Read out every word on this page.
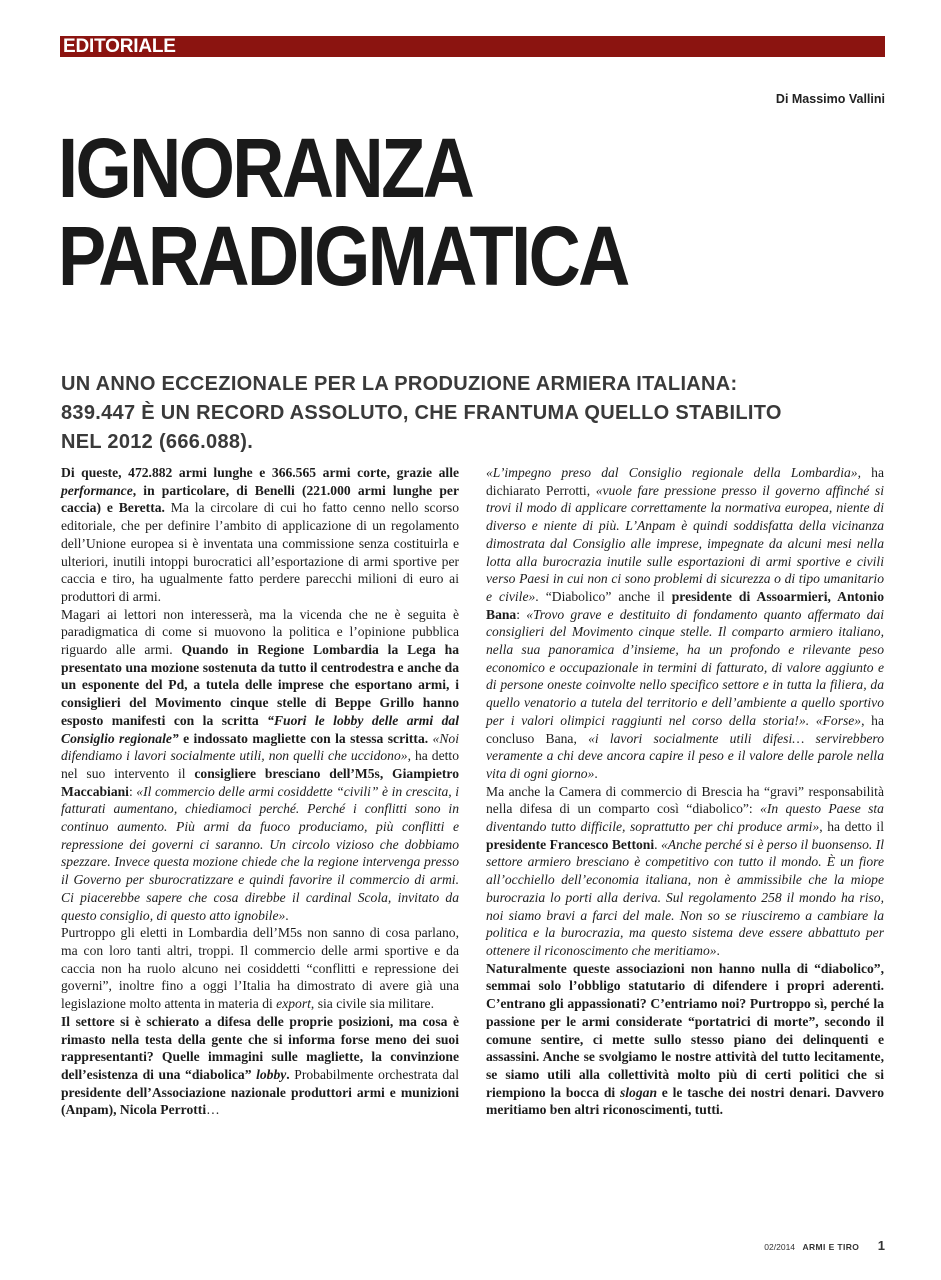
EDITORIALE
Di Massimo Vallini
IGNORANZA
PARADIGMATICA
UN ANNO ECCEZIONALE PER LA PRODUZIONE ARMIERA ITALIANA:
839.447 È UN RECORD ASSOLUTO, CHE FRANTUMA QUELLO STABILITO
NEL 2012 (666.088).

Di queste, 472.882 armi lunghe e 366.565 armi corte, grazie alle performance, in particolare, di Benelli (221.000 armi lunghe per caccia) e Beretta. Ma la circolare di cui ho fatto cenno nello scorso editoriale, che per definire l’ambito di applicazione di un regolamento dell’Unione europea si è inventata una commissione senza costituirla e ulteriori, inutili intoppi burocratici all’esportazione di armi sportive per caccia e tiro, ha ugualmente fatto perdere parecchi milioni di euro ai produttori di armi.

Magari ai lettori non interesserà, ma la vicenda che ne è seguita è paradigmatica di come si muovono la politica e l’opinione pubblica riguardo alle armi. Quando in Regione Lombardia la Lega ha presentato una mozione sostenuta da tutto il centrodestra e anche da un esponente del Pd, a tutela delle imprese che esportano armi, i consiglieri del Movimento cinque stelle di Beppe Grillo hanno esposto manifesti con la scritta “Fuori le lobby delle armi dal Consiglio regionale” e indossato magliette con la stessa scritta. «Noi difendiamo i lavori socialmente utili, non quelli che uccidono», ha detto nel suo intervento il consigliere bresciano dell’M5s, Giampietro Maccabiani: «Il commercio delle armi cosiddette “civili” è in crescita, i fatturati aumentano, chiediamoci perché. Perché i conflitti sono in continuo aumento. Più armi da fuoco produciamo, più conflitti e repressione dei governi ci saranno. Un circolo vizioso che dobbiamo spezzare. Invece questa mozione chiede che la regione intervenga presso il Governo per sburocratizzare e quindi favorire il commercio di armi. Ci piacerebbe sapere che cosa direbbe il cardinal Scola, invitato da questo consiglio, di questo atto ignobile».

Purtroppo gli eletti in Lombardia dell’M5s non sanno di cosa parlano, ma con loro tanti altri, troppi. Il commercio delle armi sportive e da caccia non ha ruolo alcuno nei cosiddetti “conflitti e repressione dei governi”, inoltre fino a oggi l’Italia ha dimostrato di avere già una legislazione molto attenta in materia di export, sia civile sia militare.

Il settore si è schierato a difesa delle proprie posizioni, ma cosa è rimasto nella testa della gente che si informa forse meno dei suoi rappresentanti? Quelle immagini sulle magliette, la convinzione dell’esistenza di una “diabolica” lobby. Probabilmente orchestrata dal presidente dell’Associazione nazionale produttori armi e munizioni (Anpam), Nicola Perrotti…

«L’impegno preso dal Consiglio regionale della Lombardia», ha dichiarato Perrotti, «vuole fare pressione presso il governo affinché si trovi il modo di applicare correttamente la normativa europea, niente di diverso e niente di più. L’Anpam è quindi soddisfatta della vicinanza dimostrata dal Consiglio alle imprese, impegnate da alcuni mesi nella lotta alla burocrazia inutile sulle esportazioni di armi sportive e civili verso Paesi in cui non ci sono problemi di sicurezza o di tipo umanitario e civile». “Diabolico” anche il presidente di Assoarmieri, Antonio Bana: «Trovo grave e destituito di fondamento quanto affermato dai consiglieri del Movimento cinque stelle. Il comparto armiero italiano, nella sua panoramica d’insieme, ha un profondo e rilevante peso economico e occupazionale in termini di fatturato, di valore aggiunto e di persone oneste coinvolte nello specifico settore e in tutta la filiera, da quello venatorio a tutela del territorio e dell’ambiente a quello sportivo per i valori olimpici raggiunti nel corso della storia!». «Forse», ha concluso Bana, «i lavori socialmente utili difesi… servirebbero veramente a chi deve ancora capire il peso e il valore delle parole nella vita di ogni giorno».

Ma anche la Camera di commercio di Brescia ha “gravi” responsabilità nella difesa di un comparto così “diabolico”: «In questo Paese sta diventando tutto difficile, soprattutto per chi produce armi», ha detto il presidente Francesco Bettoni. «Anche perché si è perso il buonsenso. Il settore armiero bresciano è competitivo con tutto il mondo. È un fiore all’occhiello dell’economia italiana, non è ammissibile che la miope burocrazia lo porti alla deriva. Sul regolamento 258 il mondo ha riso, noi siamo bravi a farci del male. Non so se riusciremo a cambiare la politica e la burocrazia, ma questo sistema deve essere abbattuto per ottenere il riconoscimento che meritiamo».

Naturalmente queste associazioni non hanno nulla di “diabolico”, semmai solo l’obbligo statutario di difendere i propri aderenti. C’entrano gli appassionati? C’entriamo noi? Purtroppo sì, perché la passione per le armi considerate “portatrici di morte”, secondo il comune sentire, ci mette sullo stesso piano dei delinquenti e assassini. Anche se svolgiamo le nostre attività del tutto lecitamente, se siamo utili alla collettività molto più di certi politici che si riempiono la bocca di slogan e le tasche dei nostri denari. Davvero meritiamo ben altri riconoscimenti, tutti.

02/2014 ARMI E TIRO 1
